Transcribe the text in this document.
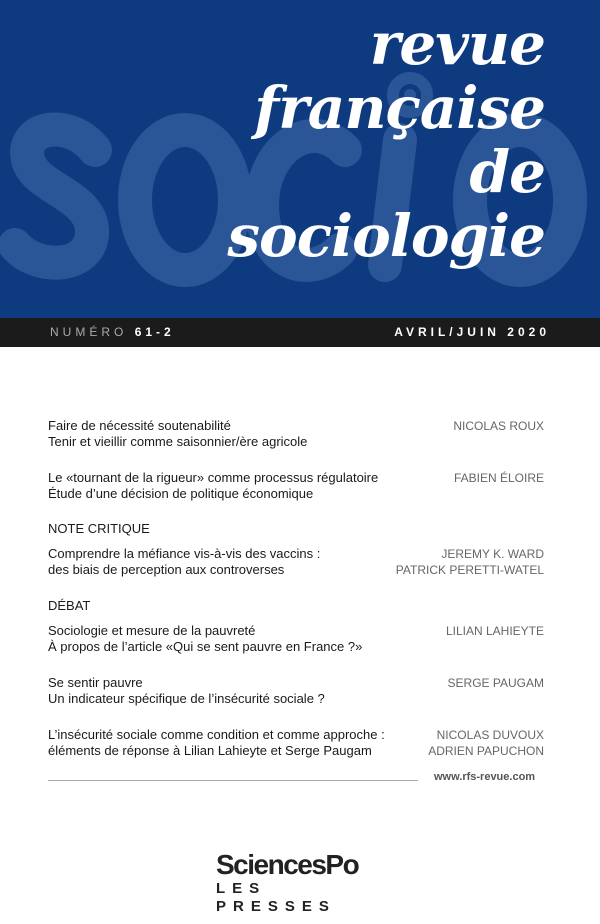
revue
française
de
sociologie
NUMÉRO 61-2	AVRIL/JUIN 2020
Faire de nécessité soutenabilité
Tenir et vieillir comme saisonnier/ère agricole
NICOLAS ROUX
Le «tournant de la rigueur» comme processus régulatoire
Étude d’une décision de politique économique
FABIEN ÉLOIRE
NOTE CRITIQUE
Comprendre la méfiance vis-à-vis des vaccins :
des biais de perception aux controverses
JEREMY K. WARD
PATRICK PERETTI-WATEL
DÉBAT
Sociologie et mesure de la pauvreté
À propos de l’article «Qui se sent pauvre en France ?»
LILIAN LAHIEYTE
Se sentir pauvre
Un indicateur spécifique de l’insécurité sociale ?
SERGE PAUGAM
L’insécurité sociale comme condition et comme approche :
éléments de réponse à Lilian Lahieyte et Serge Paugam
NICOLAS DUVOUX
ADRIEN PAPUCHON
www.rfs-revue.com
SciencesPo
LES PRESSES
